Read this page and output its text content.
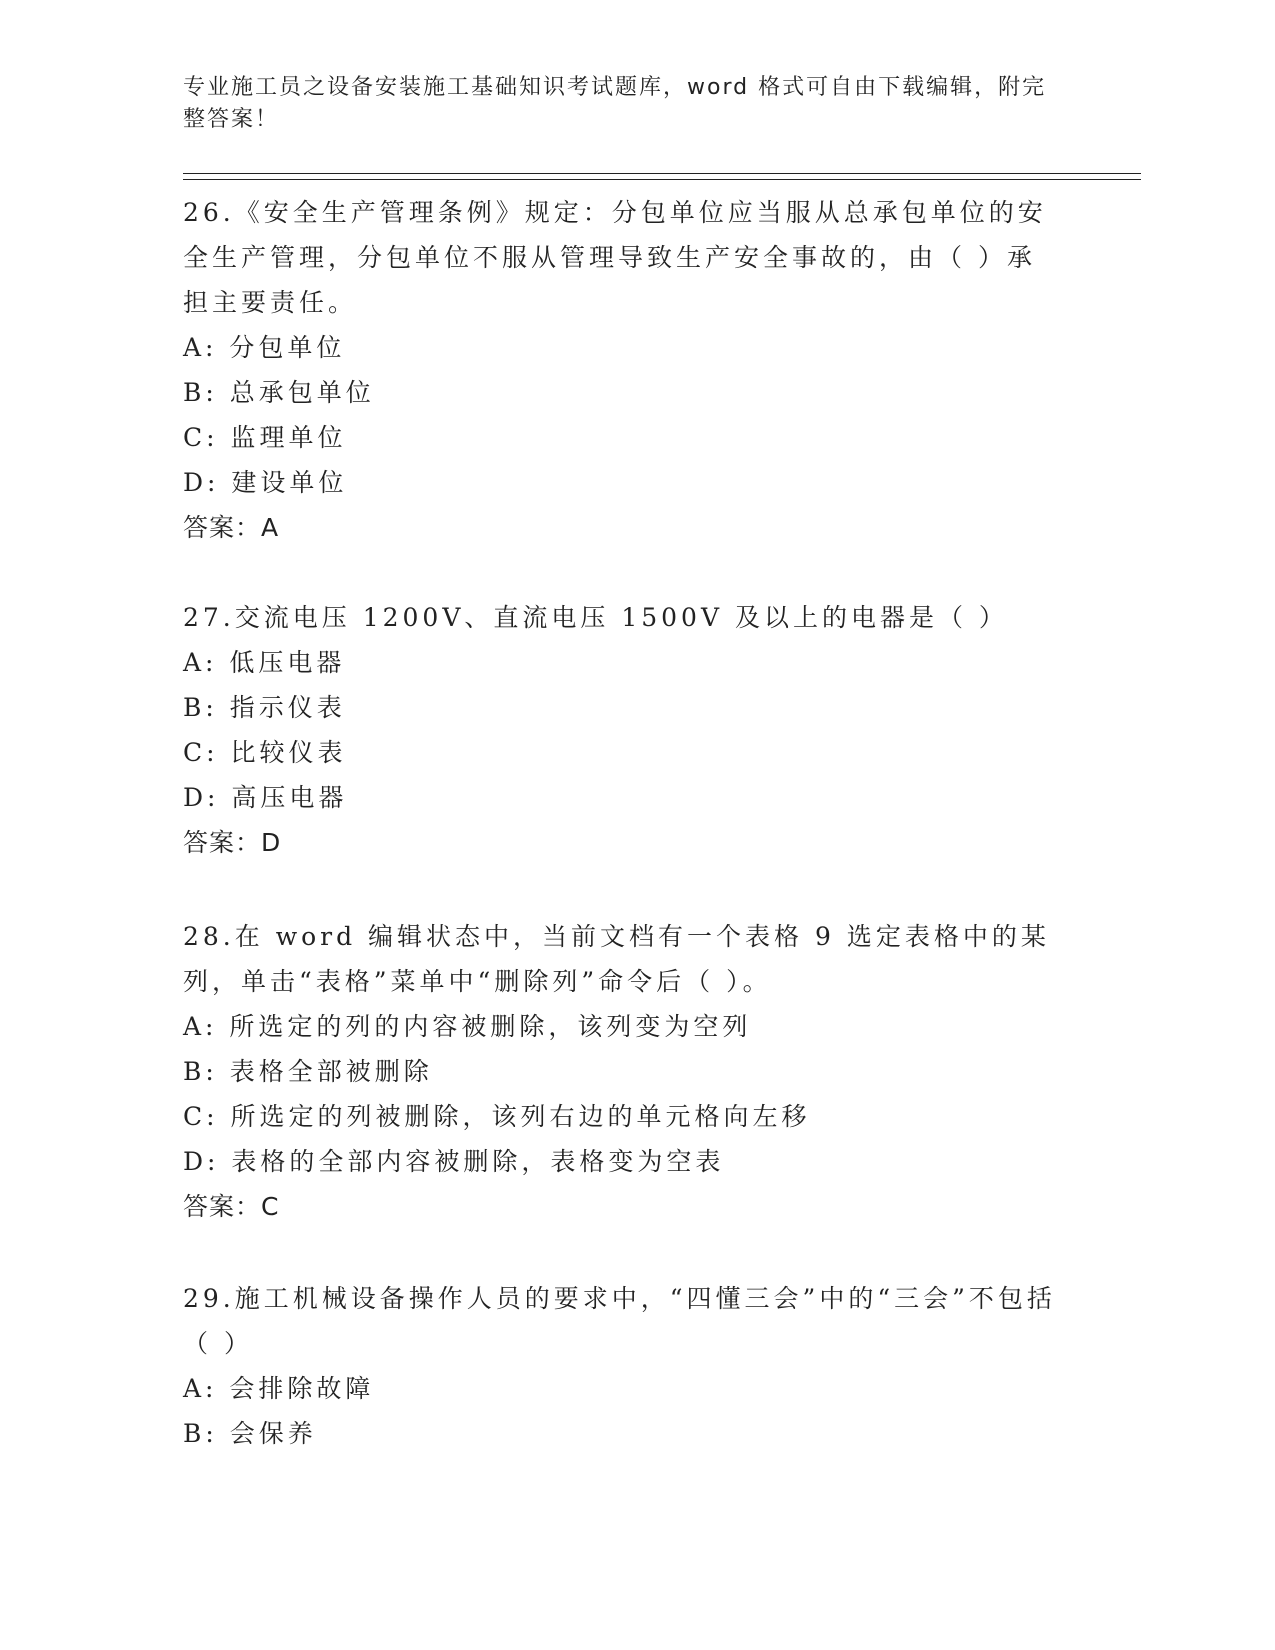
专业施工员之设备安装施工基础知识考试题库，word 格式可自由下载编辑，附完整答案！
26.《安全生产管理条例》规定：分包单位应当服从总承包单位的安全生产管理，分包单位不服从管理导致生产安全事故的，由（ ）承担主要责任。
A: 分包单位
B: 总承包单位
C: 监理单位
D: 建设单位
答案：A
27.交流电压 1200V、直流电压 1500V 及以上的电器是（ ）
A: 低压电器
B: 指示仪表
C: 比较仪表
D: 高压电器
答案：D
28.在 word 编辑状态中，当前文档有一个表格 9 选定表格中的某列，单击“表格”菜单中“删除列”命令后（ ）。
A: 所选定的列的内容被删除，该列变为空列
B: 表格全部被删除
C: 所选定的列被删除，该列右边的单元格向左移
D: 表格的全部内容被删除，表格变为空表
答案：C
29.施工机械设备操作人员的要求中，“四懂三会”中的“三会”不包括（ ）
A: 会排除故障
B: 会保养
